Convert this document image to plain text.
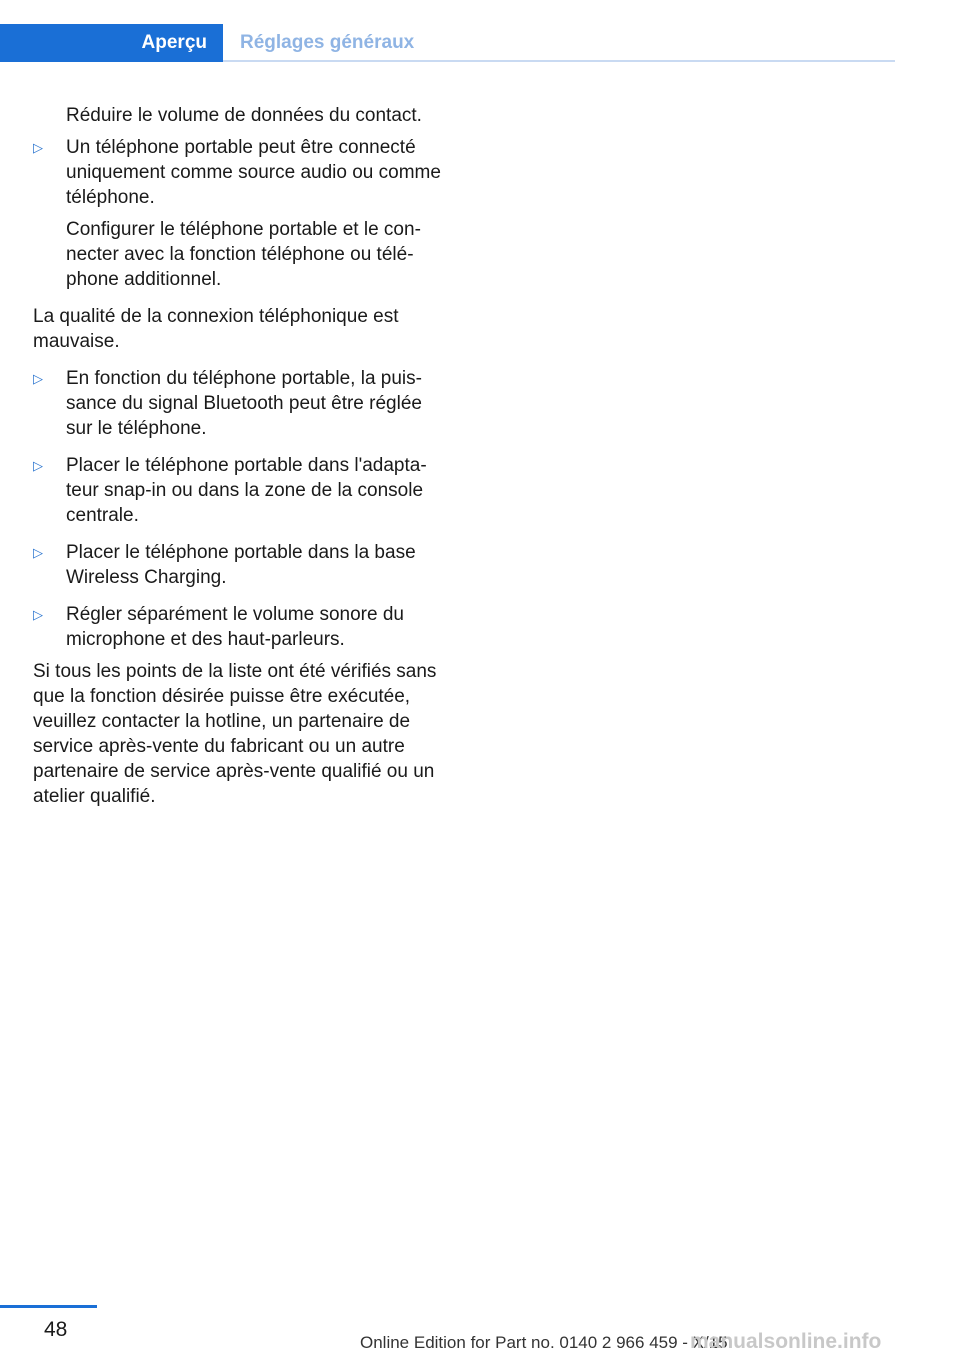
Aperçu	Réglages généraux

Réduire le volume de données du contact.

▷	Un téléphone portable peut être connecté uniquement comme source audio ou comme téléphone.

Configurer le téléphone portable et le connecter avec la fonction téléphone ou téléphone additionnel.

La qualité de la connexion téléphonique est mauvaise.

▷	En fonction du téléphone portable, la puissance du signal Bluetooth peut être réglée sur le téléphone.
▷	Placer le téléphone portable dans l'adaptateur snap-in ou dans la zone de la console centrale.
▷	Placer le téléphone portable dans la base Wireless Charging.
▷	Régler séparément le volume sonore du microphone et des haut-parleurs.

Si tous les points de la liste ont été vérifiés sans que la fonction désirée puisse être exécutée, veuillez contacter la hotline, un partenaire de service après-vente du fabricant ou un autre partenaire de service après-vente qualifié ou un atelier qualifié.

48
Online Edition for Part no. 0140 2 966 459 - X/15
manualsonline.info
